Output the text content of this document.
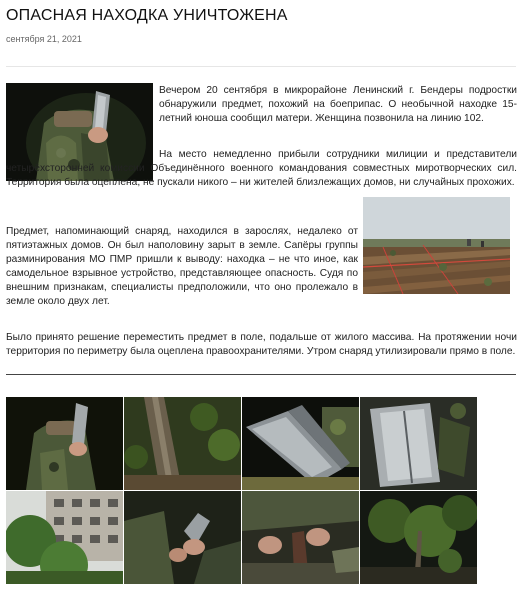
ОПАСНАЯ НАХОДКА УНИЧТОЖЕНА
сентября 21, 2021

Вечером 20 сентября в микрорайоне Ленинский г. Бендеры подростки обнаружили предмет, похожий на боеприпас. О необычной находке 15-летний юноша сообщил матери. Женщина позвонила на линию 102.

На место немедленно прибыли сотрудники милиции и представители четырёхсторонней комиссии Объединённого военного командования совместных миротворческих сил. Территория была оцеплена, не пускали никого – ни жителей близлежащих домов, ни случайных прохожих.

Предмет, напоминающий снаряд, находился в зарослях, недалеко от пятиэтажных домов. Он был наполовину зарыт в земле. Сапёры группы разминирования МО ПМР пришли к выводу: находка – не что иное, как самодельное взрывное устройство, представляющее опасность. Судя по внешним признакам, специалисты предположили, что оно пролежало в земле около двух лет.

Было принято решение переместить предмет в поле, подальше от жилого массива. На протяжении ночи территория по периметру была оцеплена правоохранителями. Утром снаряд утилизировали прямо в поле.
